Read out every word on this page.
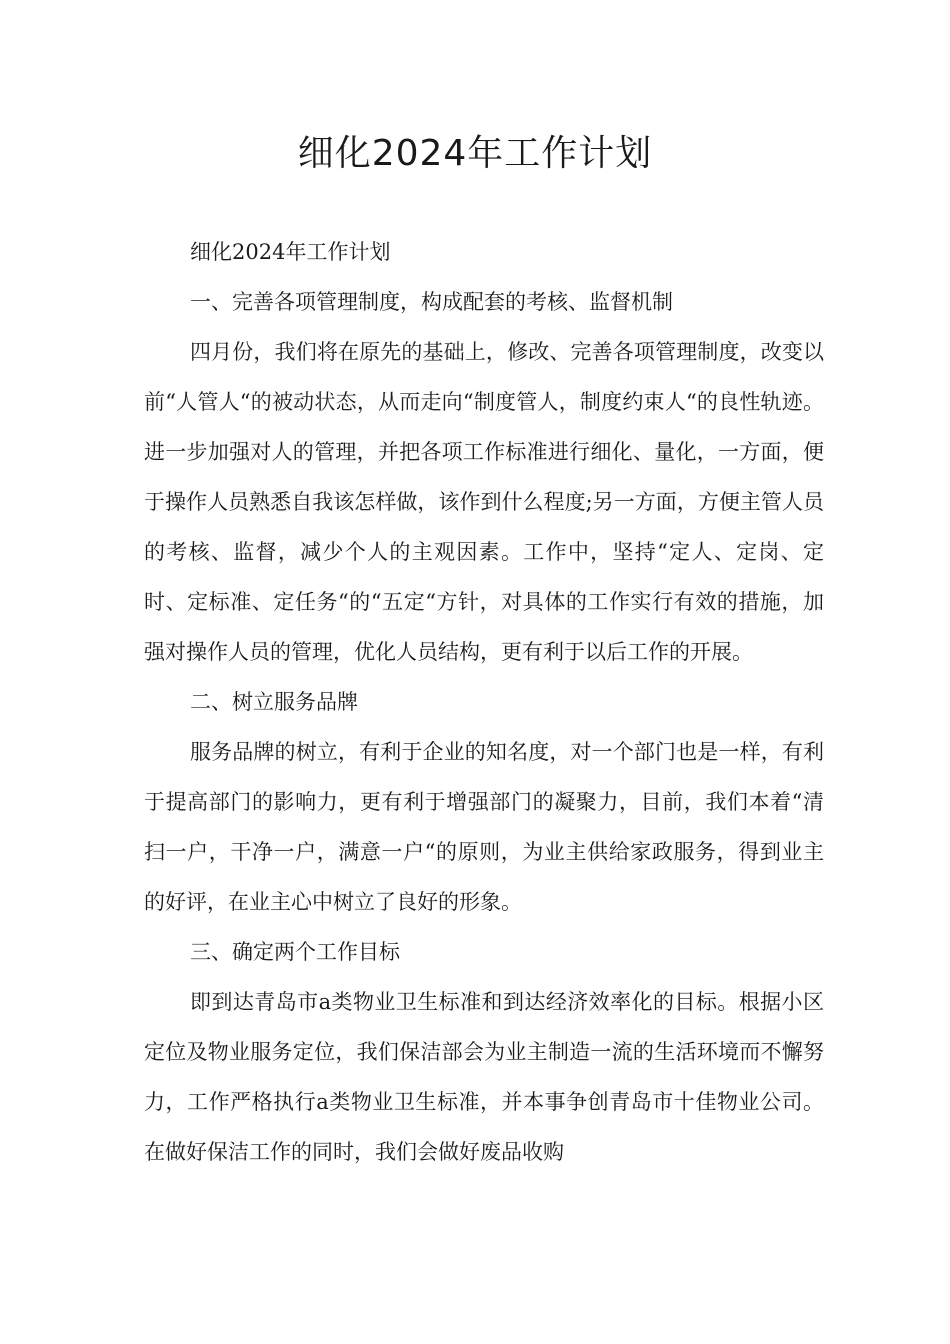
细化2024年工作计划

细化2024年工作计划

一、完善各项管理制度，构成配套的考核、监督机制

四月份，我们将在原先的基础上，修改、完善各项管理制度，改变以前“人管人“的被动状态，从而走向“制度管人，制度约束人“的良性轨迹。进一步加强对人的管理，并把各项工作标准进行细化、量化，一方面，便于操作人员熟悉自我该怎样做，该作到什么程度;另一方面，方便主管人员的考核、监督，减少个人的主观因素。工作中，坚持“定人、定岗、定时、定标准、定任务“的“五定“方针，对具体的工作实行有效的措施，加强对操作人员的管理，优化人员结构，更有利于以后工作的开展。

二、树立服务品牌

服务品牌的树立，有利于企业的知名度，对一个部门也是一样，有利于提高部门的影响力，更有利于增强部门的凝聚力，目前，我们本着“清扫一户，干净一户，满意一户“的原则，为业主供给家政服务，得到业主的好评，在业主心中树立了良好的形象。

三、确定两个工作目标

即到达青岛市a类物业卫生标准和到达经济效率化的目标。根据小区定位及物业服务定位，我们保洁部会为业主制造一流的生活环境而不懈努力，工作严格执行a类物业卫生标准，并本事争创青岛市十佳物业公司。在做好保洁工作的同时，我们会做好废品收购
